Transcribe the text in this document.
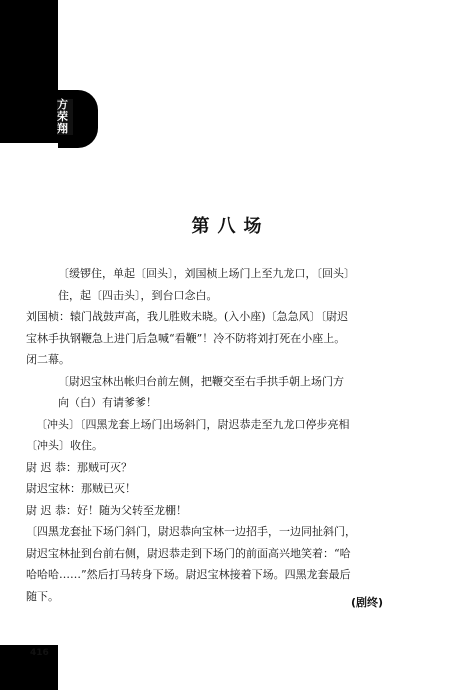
方荣翔
第八场

〔缓锣住，单起〔回头〕，刘国桢上场门上至九龙口，〔回头〕

住，起〔四击头〕，到台口念白。

刘国桢：辕门战鼓声高，我儿胜败未晓。(入小座)〔急急风〕〔尉迟

宝林手执钢鞭急上进门后急喊“看鞭”！冷不防将刘打死在小座上。

闭二幕。

〔尉迟宝林出帐归台前左侧，把鞭交至右手拱手朝上场门方

向（白）有请爹爹！

〔冲头〕〔四黑龙套上场门出场斜门，尉迟恭走至九龙口停步亮相

〔冲头〕收住。

尉 迟 恭：那贼可灭？

尉迟宝林：那贼已灭！

尉 迟 恭：好！随为父转至龙棚！

〔四黑龙套扯下场门斜门，尉迟恭向宝林一边招手，一边同扯斜门，

尉迟宝林扯到台前右侧，尉迟恭走到下场门的前面高兴地笑着：“哈

哈哈哈……”然后打马转身下场。尉迟宝林接着下场。四黑龙套最后

随下。	(剧终)
416
